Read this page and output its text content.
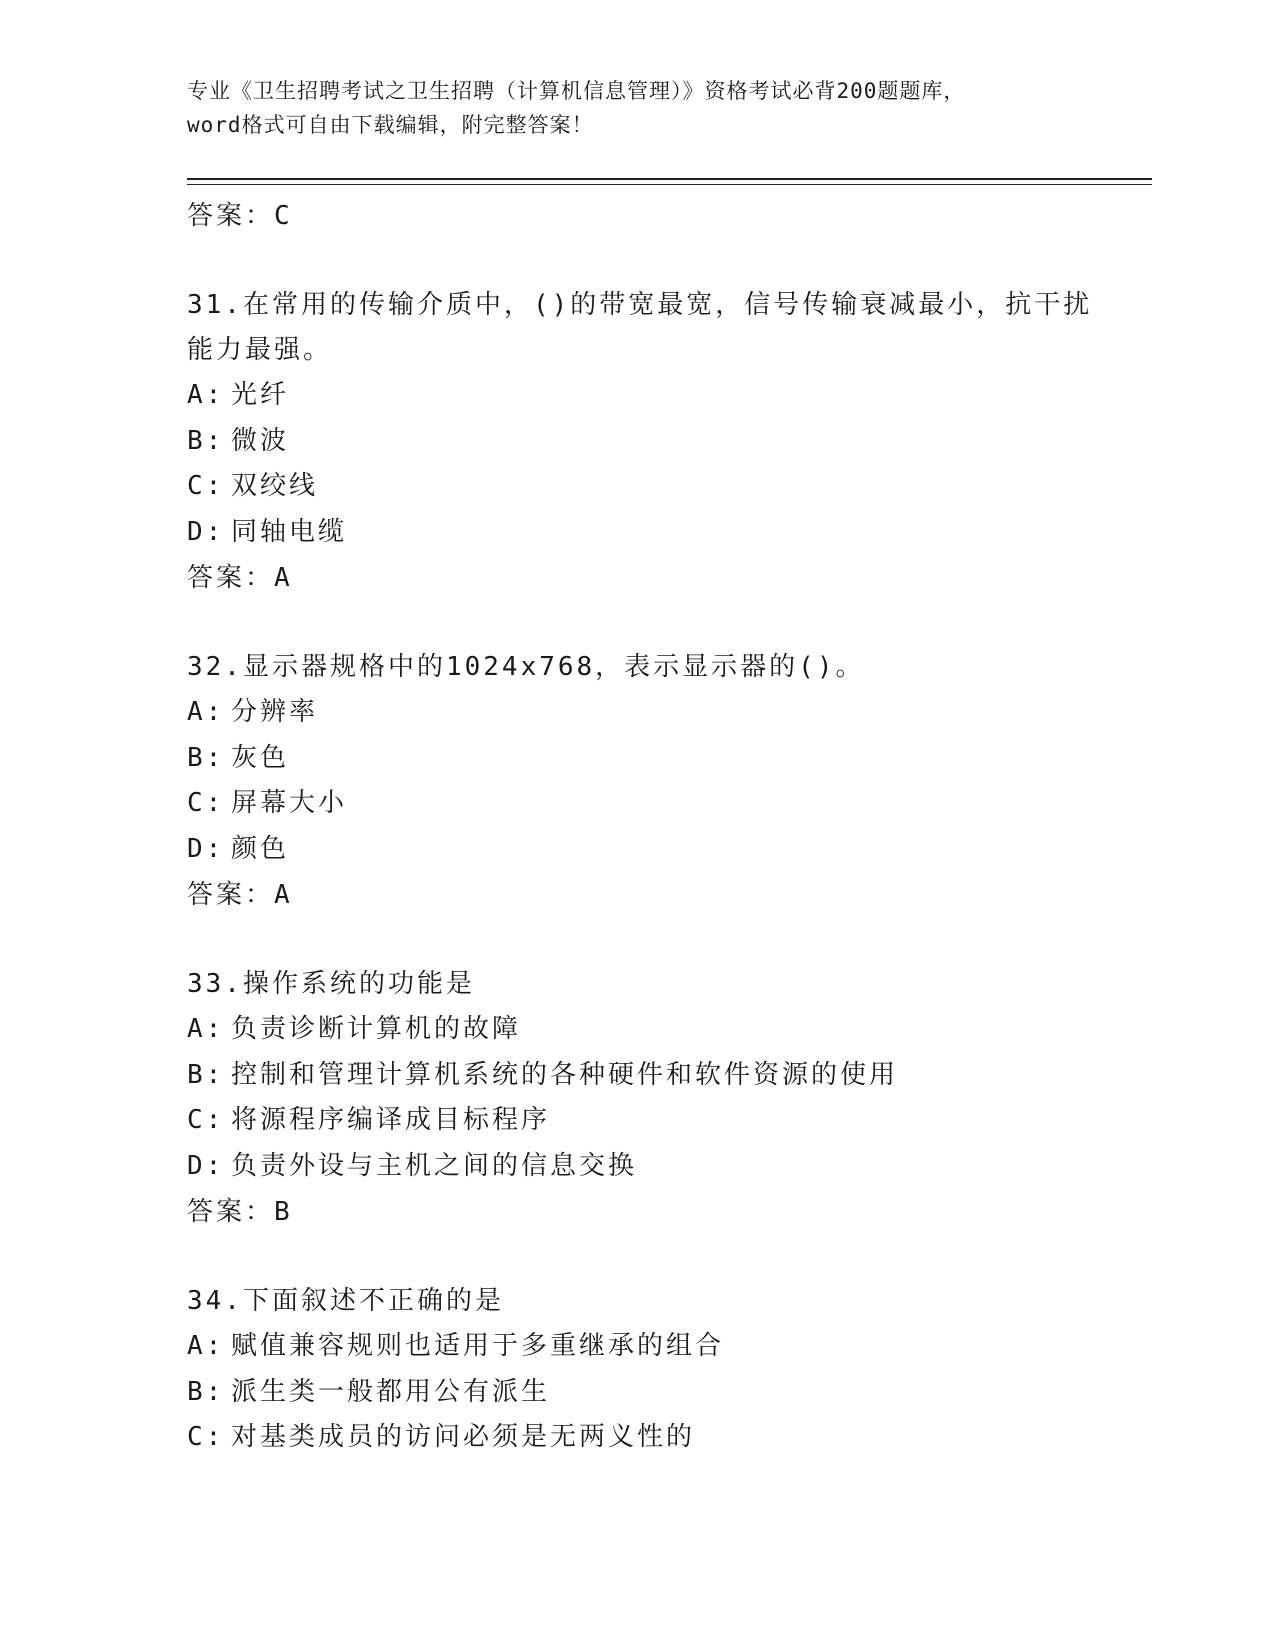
专业《卫生招聘考试之卫生招聘（计算机信息管理）》资格考试必背200题题库，
word格式可自由下载编辑，附完整答案！
答案：C
31.在常用的传输介质中，()的带宽最宽，信号传输衰减最小，抗干扰
能力最强。
A: 光纤
B: 微波
C: 双绞线
D: 同轴电缆
答案：A
32.显示器规格中的1024x768，表示显示器的()。
A: 分辨率
B: 灰色
C: 屏幕大小
D: 颜色
答案：A
33.操作系统的功能是
A: 负责诊断计算机的故障
B: 控制和管理计算机系统的各种硬件和软件资源的使用
C: 将源程序编译成目标程序
D: 负责外设与主机之间的信息交换
答案：B
34.下面叙述不正确的是
A: 赋值兼容规则也适用于多重继承的组合
B: 派生类一般都用公有派生
C: 对基类成员的访问必须是无两义性的
